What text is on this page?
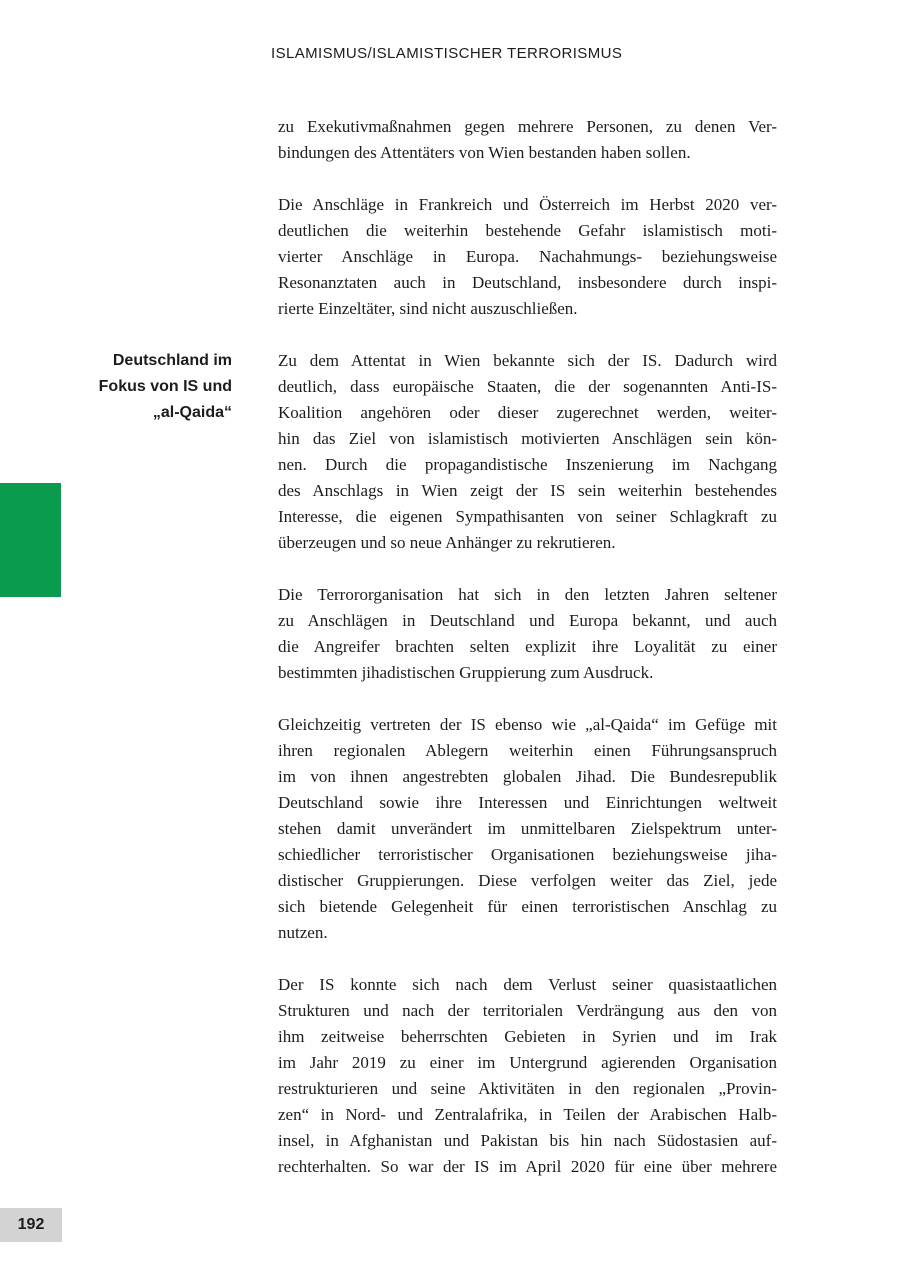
ISLAMISMUS/ISLAMISTISCHER TERRORISMUS
Deutschland im
Fokus von IS und
„al-Qaida“
zu Exekutivmaßnahmen gegen mehrere Personen, zu denen Ver-
bindungen des Attentäters von Wien bestanden haben sollen.
Die Anschläge in Frankreich und Österreich im Herbst 2020 ver-
deutlichen die weiterhin bestehende Gefahr islamistisch moti-
vierter Anschläge in Europa. Nachahmungs- beziehungsweise
Resonanztaten auch in Deutschland, insbesondere durch inspi-
rierte Einzeltäter, sind nicht auszuschließen.
Zu dem Attentat in Wien bekannte sich der IS. Dadurch wird
deutlich, dass europäische Staaten, die der sogenannten Anti-IS-
Koalition angehören oder dieser zugerechnet werden, weiter-
hin das Ziel von islamistisch motivierten Anschlägen sein kön-
nen. Durch die propagandistische Inszenierung im Nachgang
des Anschlags in Wien zeigt der IS sein weiterhin bestehendes
Interesse, die eigenen Sympathisanten von seiner Schlagkraft zu
überzeugen und so neue Anhänger zu rekrutieren.
Die Terrororganisation hat sich in den letzten Jahren seltener
zu Anschlägen in Deutschland und Europa bekannt, und auch
die Angreifer brachten selten explizit ihre Loyalität zu einer
bestimmten jihadistischen Gruppierung zum Ausdruck.
Gleichzeitig vertreten der IS ebenso wie „al-Qaida“ im Gefüge mit
ihren regionalen Ablegern weiterhin einen Führungsanspruch
im von ihnen angestrebten globalen Jihad. Die Bundesrepublik
Deutschland sowie ihre Interessen und Einrichtungen weltweit
stehen damit unverändert im unmittelbaren Zielspektrum unter-
schiedlicher terroristischer Organisationen beziehungsweise jiha-
distischer Gruppierungen. Diese verfolgen weiter das Ziel, jede
sich bietende Gelegenheit für einen terroristischen Anschlag zu
nutzen.
Der IS konnte sich nach dem Verlust seiner quasistaatlichen
Strukturen und nach der territorialen Verdrängung aus den von
ihm zeitweise beherrschten Gebieten in Syrien und im Irak
im Jahr 2019 zu einer im Untergrund agierenden Organisation
restrukturieren und seine Aktivitäten in den regionalen „Provin-
zen“ in Nord- und Zentralafrika, in Teilen der Arabischen Halb-
insel, in Afghanistan und Pakistan bis hin nach Südostasien auf-
rechterhalten. So war der IS im April 2020 für eine über mehrere
192
